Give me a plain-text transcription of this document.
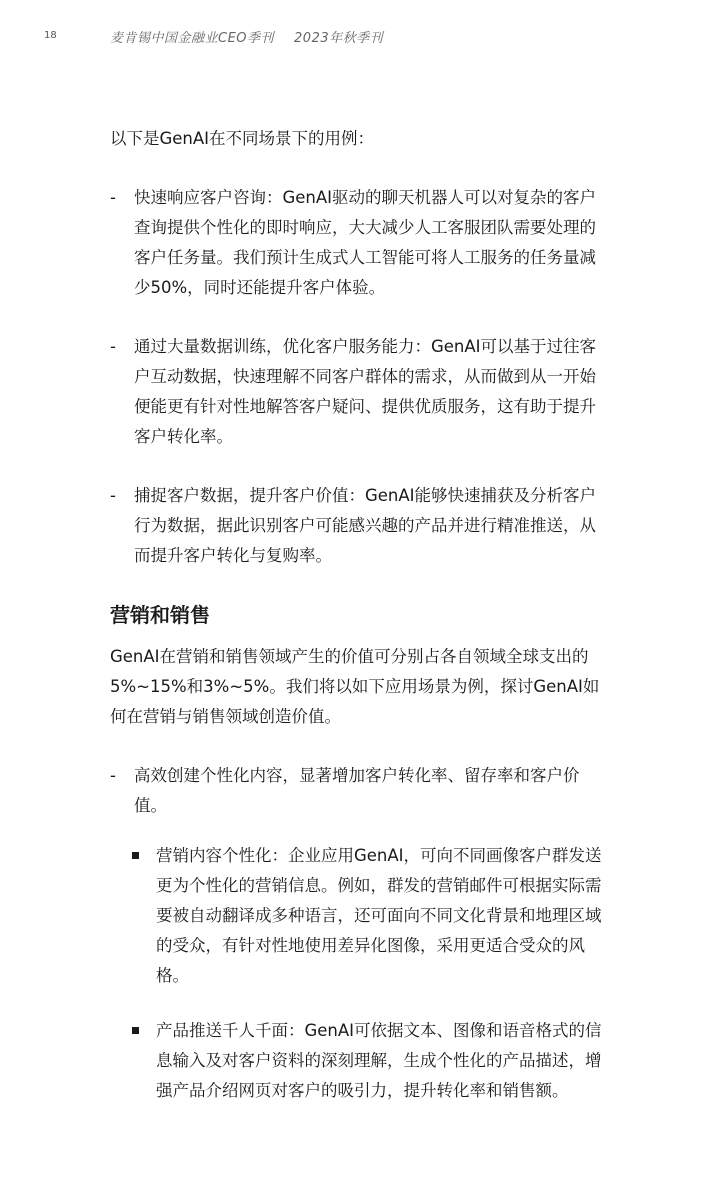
18	麦肯锡中国金融业CEO季刊 2023年秋季刊

以下是GenAI在不同场景下的用例：

- 快速响应客户咨询：GenAI驱动的聊天机器人可以对复杂的客户查询提供个性化的即时响应，大大减少人工客服团队需要处理的客户任务量。我们预计生成式人工智能可将人工服务的任务量减少50%，同时还能提升客户体验。
- 通过大量数据训练，优化客户服务能力：GenAI可以基于过往客户互动数据，快速理解不同客户群体的需求，从而做到从一开始便能更有针对性地解答客户疑问、提供优质服务，这有助于提升客户转化率。
- 捕捉客户数据，提升客户价值：GenAI能够快速捕获及分析客户行为数据，据此识别客户可能感兴趣的产品并进行精准推送，从而提升客户转化与复购率。
营销和销售

GenAI在营销和销售领域产生的价值可分别占各自领域全球支出的5%~15%和3%~5%。我们将以如下应用场景为例，探讨GenAI如何在营销与销售领域创造价值。

- 高效创建个性化内容，显著增加客户转化率、留存率和客户价值。
营销内容个性化：企业应用GenAI，可向不同画像客户群发送更为个性化的营销信息。例如，群发的营销邮件可根据实际需要被自动翻译成多种语言，还可面向不同文化背景和地理区域的受众，有针对性地使用差异化图像，采用更适合受众的风格。
产品推送千人千面：GenAI可依据文本、图像和语音格式的信息输入及对客户资料的深刻理解，生成个性化的产品描述，增强产品介绍网页对客户的吸引力，提升转化率和销售额。
